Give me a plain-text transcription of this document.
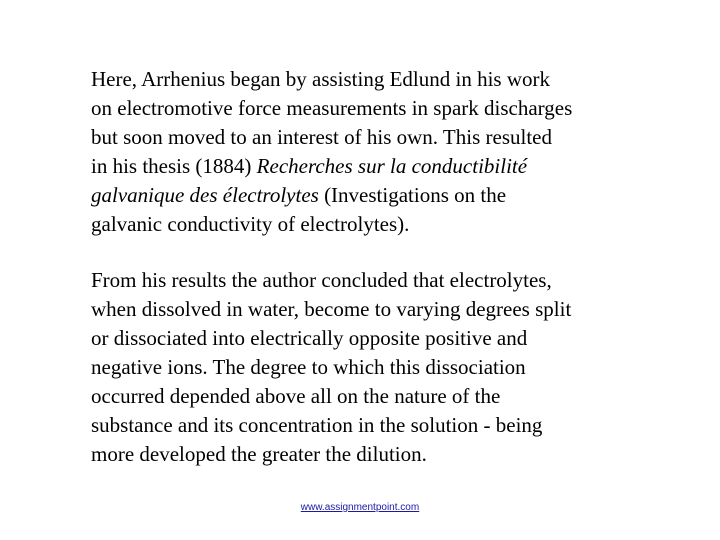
Here, Arrhenius began by assisting Edlund in his work
on electromotive force measurements in spark discharges
but soon moved to an interest of his own. This resulted
in his thesis (1884) Recherches sur la conductibilité
galvanique des électrolytes (Investigations on the
galvanic conductivity of electrolytes).

From his results the author concluded that electrolytes,
when dissolved in water, become to varying degrees split
or dissociated into electrically opposite positive and
negative ions. The degree to which this dissociation
occurred depended above all on the nature of the
substance and its concentration in the solution - being
more developed the greater the dilution.

www.assignmentpoint.com
